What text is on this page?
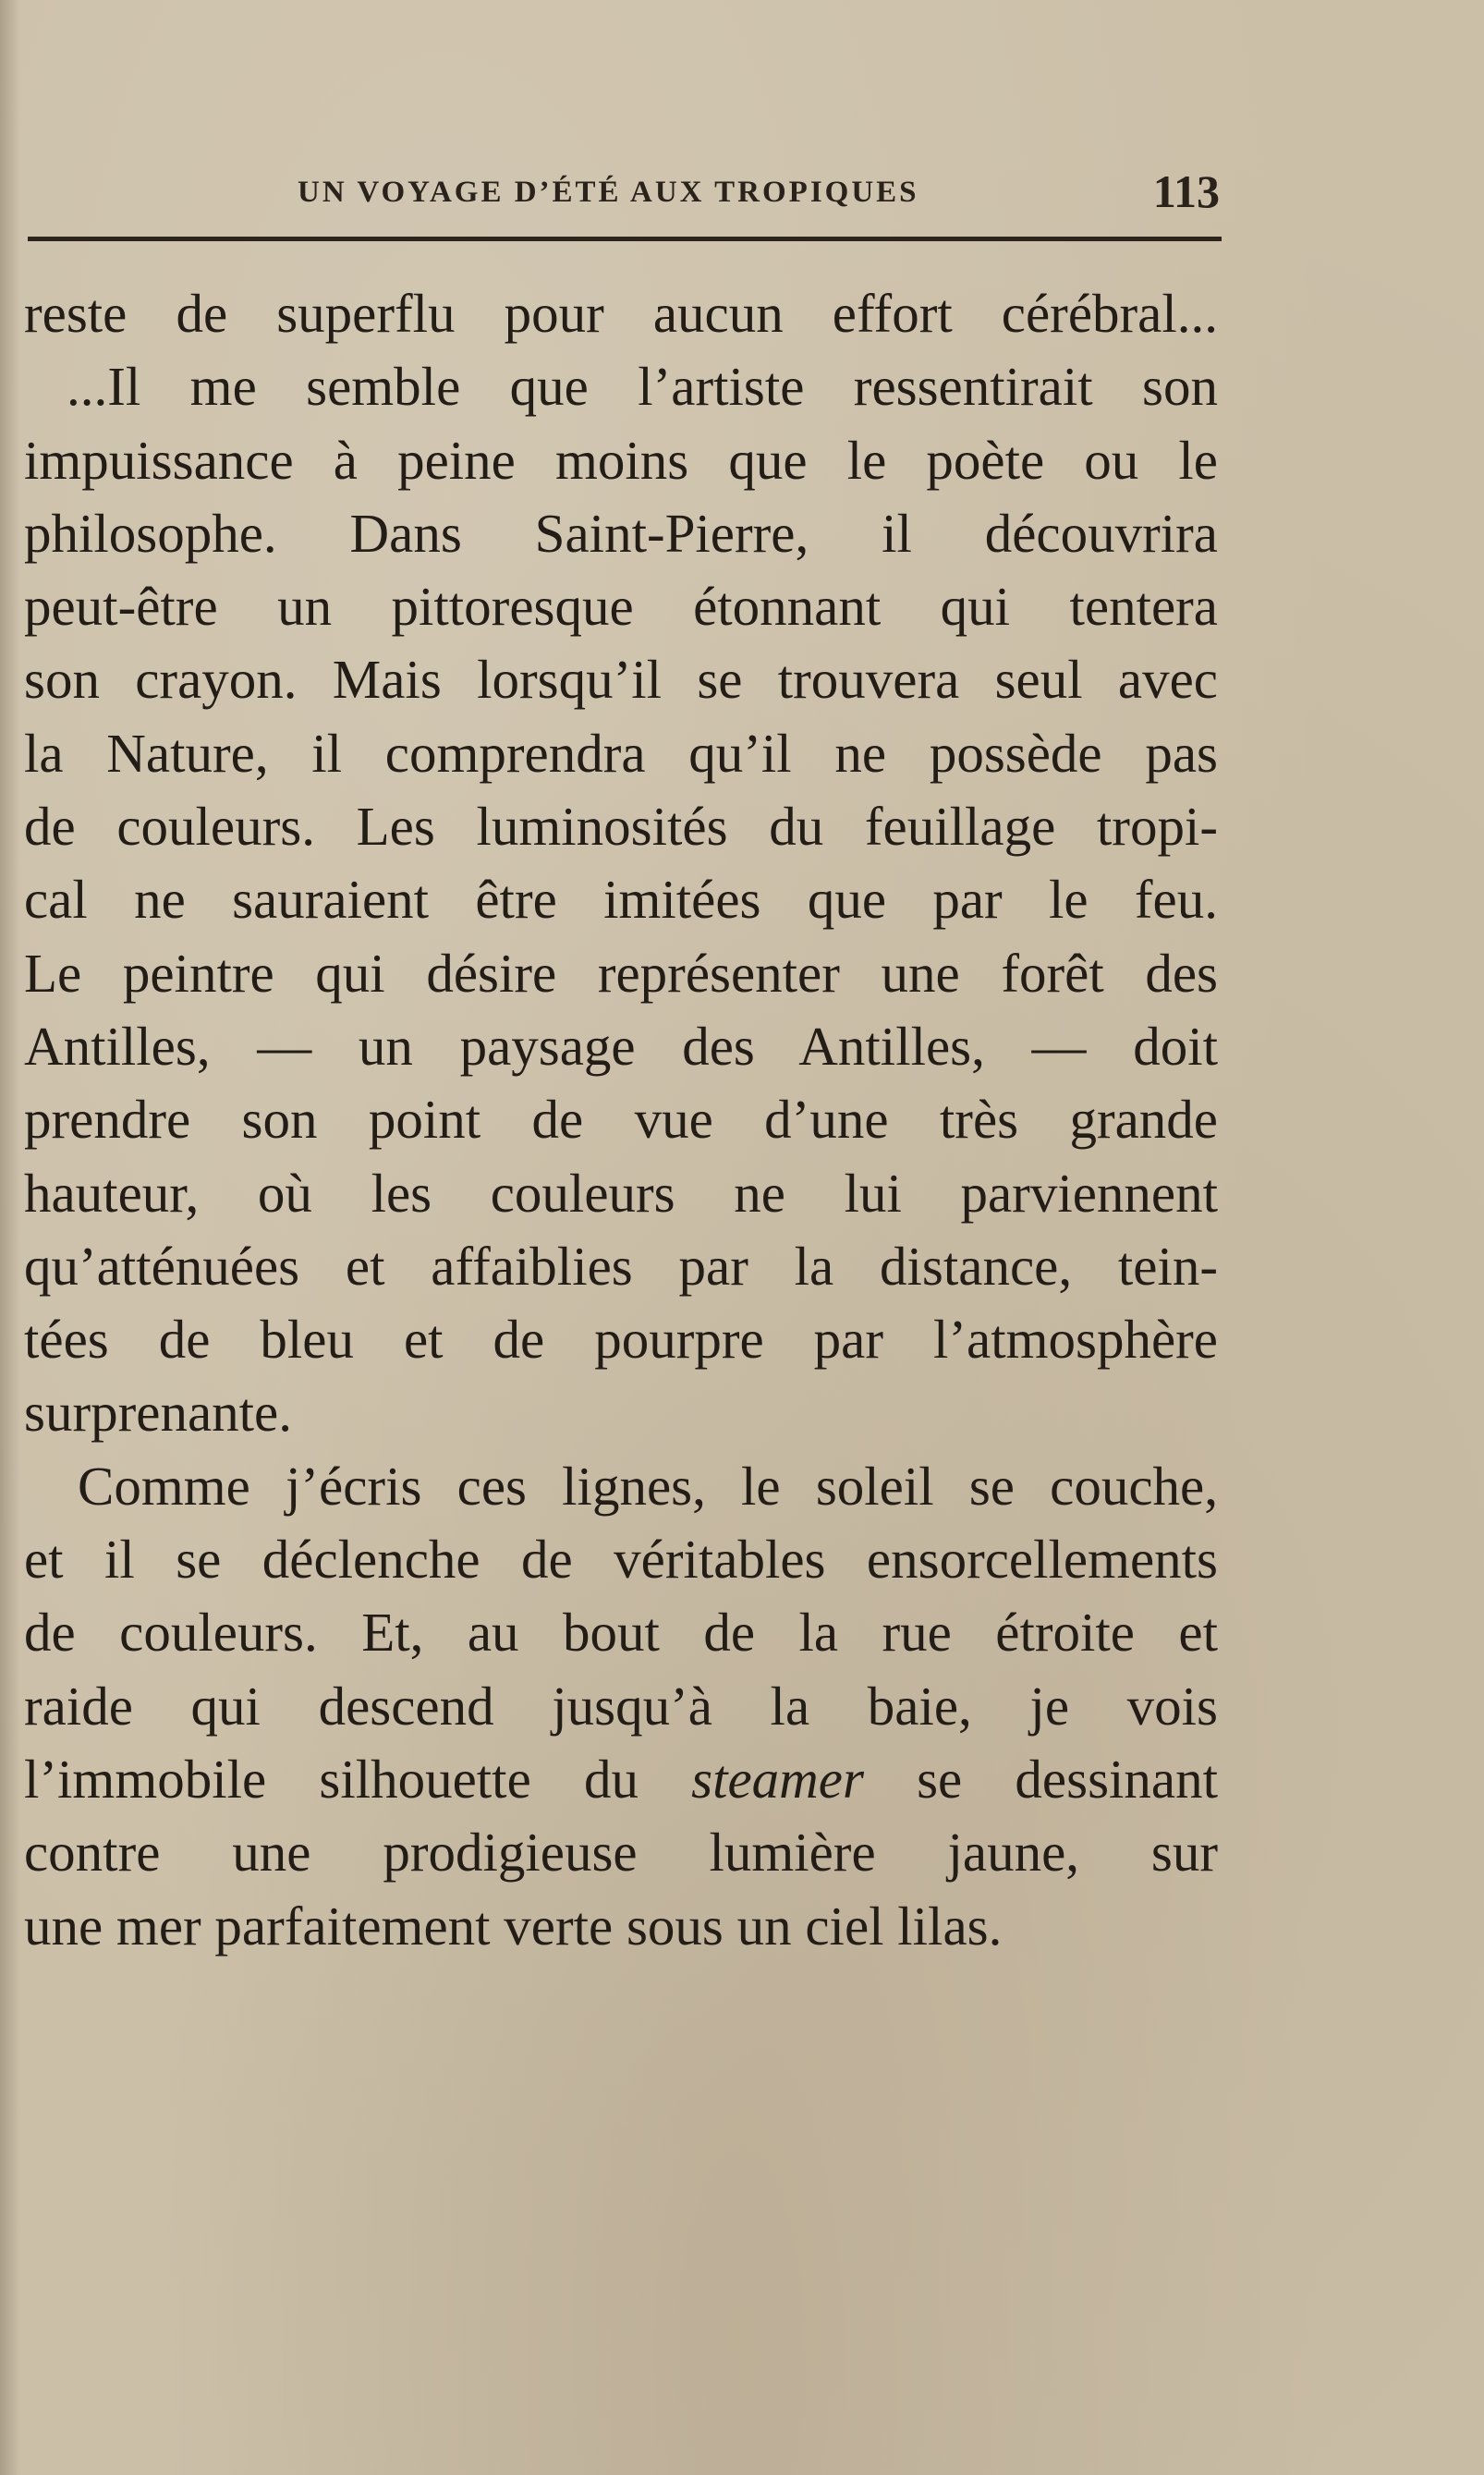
UN VOYAGE D’ÉTÉ AUX TROPIQUES	113
reste de superflu pour aucun effort cérébral...
...Il me semble que l’artiste ressentirait son
impuissance à peine moins que le poète ou le
philosophe. Dans Saint-Pierre, il découvrira
peut-être un pittoresque étonnant qui tentera
son crayon. Mais lorsqu’il se trouvera seul avec
la Nature, il comprendra qu’il ne possède pas
de couleurs. Les luminosités du feuillage tropi-
cal ne sauraient être imitées que par le feu.
Le peintre qui désire représenter une forêt des
Antilles, — un paysage des Antilles, — doit
prendre son point de vue d’une très grande
hauteur, où les couleurs ne lui parviennent
qu’atténuées et affaiblies par la distance, tein-
tées de bleu et de pourpre par l’atmosphère
surprenante.
Comme j’écris ces lignes, le soleil se couche,
et il se déclenche de véritables ensorcellements
de couleurs. Et, au bout de la rue étroite et
raide qui descend jusqu’à la baie, je vois
l’immobile silhouette du steamer se dessinant
contre une prodigieuse lumière jaune, sur
une mer parfaitement verte sous un ciel lilas.
